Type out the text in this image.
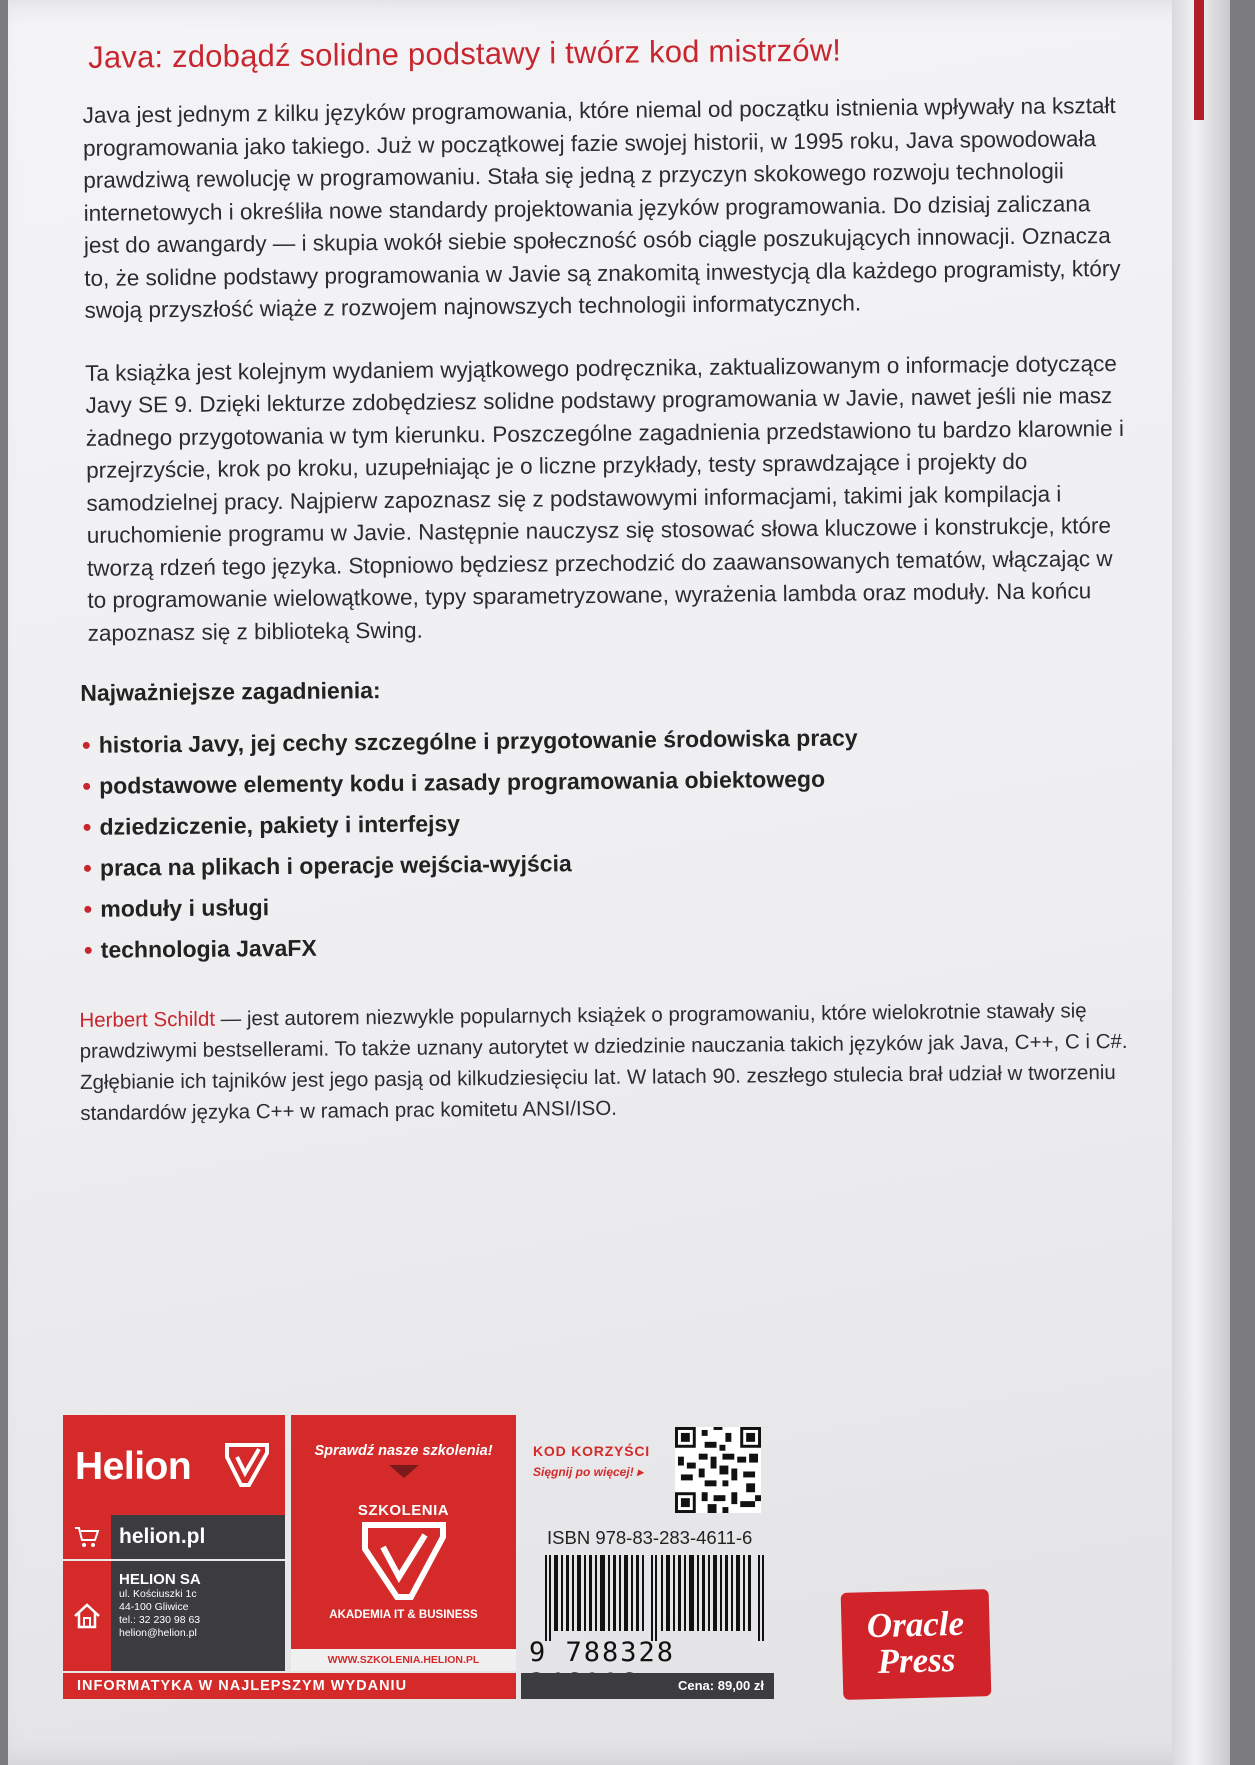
Java: zdobądź solidne podstawy i twórz kod mistrzów!

Java jest jednym z kilku języków programowania, które niemal od początku istnienia wpływały na kształt programowania jako takiego. Już w początkowej fazie swojej historii, w 1995 roku, Java spowodowała prawdziwą rewolucję w programowaniu. Stała się jedną z przyczyn skokowego rozwoju technologii internetowych i określiła nowe standardy projektowania języków programowania. Do dzisiaj zaliczana jest do awangardy — i skupia wokół siebie społeczność osób ciągle poszukujących innowacji. Oznacza to, że solidne podstawy programowania w Javie są znakomitą inwestycją dla każdego programisty, który swoją przyszłość wiąże z rozwojem najnowszych technologii informatycznych.

Ta książka jest kolejnym wydaniem wyjątkowego podręcznika, zaktualizowanym o informacje dotyczące Javy SE 9. Dzięki lekturze zdobędziesz solidne podstawy programowania w Javie, nawet jeśli nie masz żadnego przygotowania w tym kierunku. Poszczególne zagadnienia przedstawiono tu bardzo klarownie i przejrzyście, krok po kroku, uzupełniając je o liczne przykłady, testy sprawdzające i projekty do samodzielnej pracy. Najpierw zapoznasz się z podstawowymi informacjami, takimi jak kompilacja i uruchomienie programu w Javie. Następnie nauczysz się stosować słowa kluczowe i konstrukcje, które tworzą rdzeń tego języka. Stopniowo będziesz przechodzić do zaawansowanych tematów, włączając w to programowanie wielowątkowe, typy sparametryzowane, wyrażenia lambda oraz moduły. Na końcu zapoznasz się z biblioteką Swing.

Najważniejsze zagadnienia:
historia Javy, jej cechy szczególne i przygotowanie środowiska pracy
podstawowe elementy kodu i zasady programowania obiektowego
dziedziczenie, pakiety i interfejsy
praca na plikach i operacje wejścia-wyjścia
moduły i usługi
technologia JavaFX

Herbert Schildt — jest autorem niezwykle popularnych książek o programowaniu, które wielokrotnie stawały się prawdziwymi bestsellerami. To także uznany autorytet w dziedzinie nauczania takich języków jak Java, C++, C i C#. Zgłębianie ich tajników jest jego pasją od kilkudziesięciu lat. W latach 90. zeszłego stulecia brał udział w tworzeniu standardów języka C++ w ramach prac komitetu ANSI/ISO.

Helion
helion.pl
HELION SA
ul. Kościuszki 1c
44-100 Gliwice
tel.: 32 230 98 63
helion@helion.pl
Sprawdź nasze szkolenia!
SZKOLENIA
AKADEMIA IT & BUSINESS
WWW.SZKOLENIA.HELION.PL
INFORMATYKA W NAJLEPSZYM WYDANIU
KOD KORZYŚCI
Sięgnij po więcej! ▸
ISBN 978-83-283-4611-6
9 788328
Cena: 89,00 zł
Oracle
Press
